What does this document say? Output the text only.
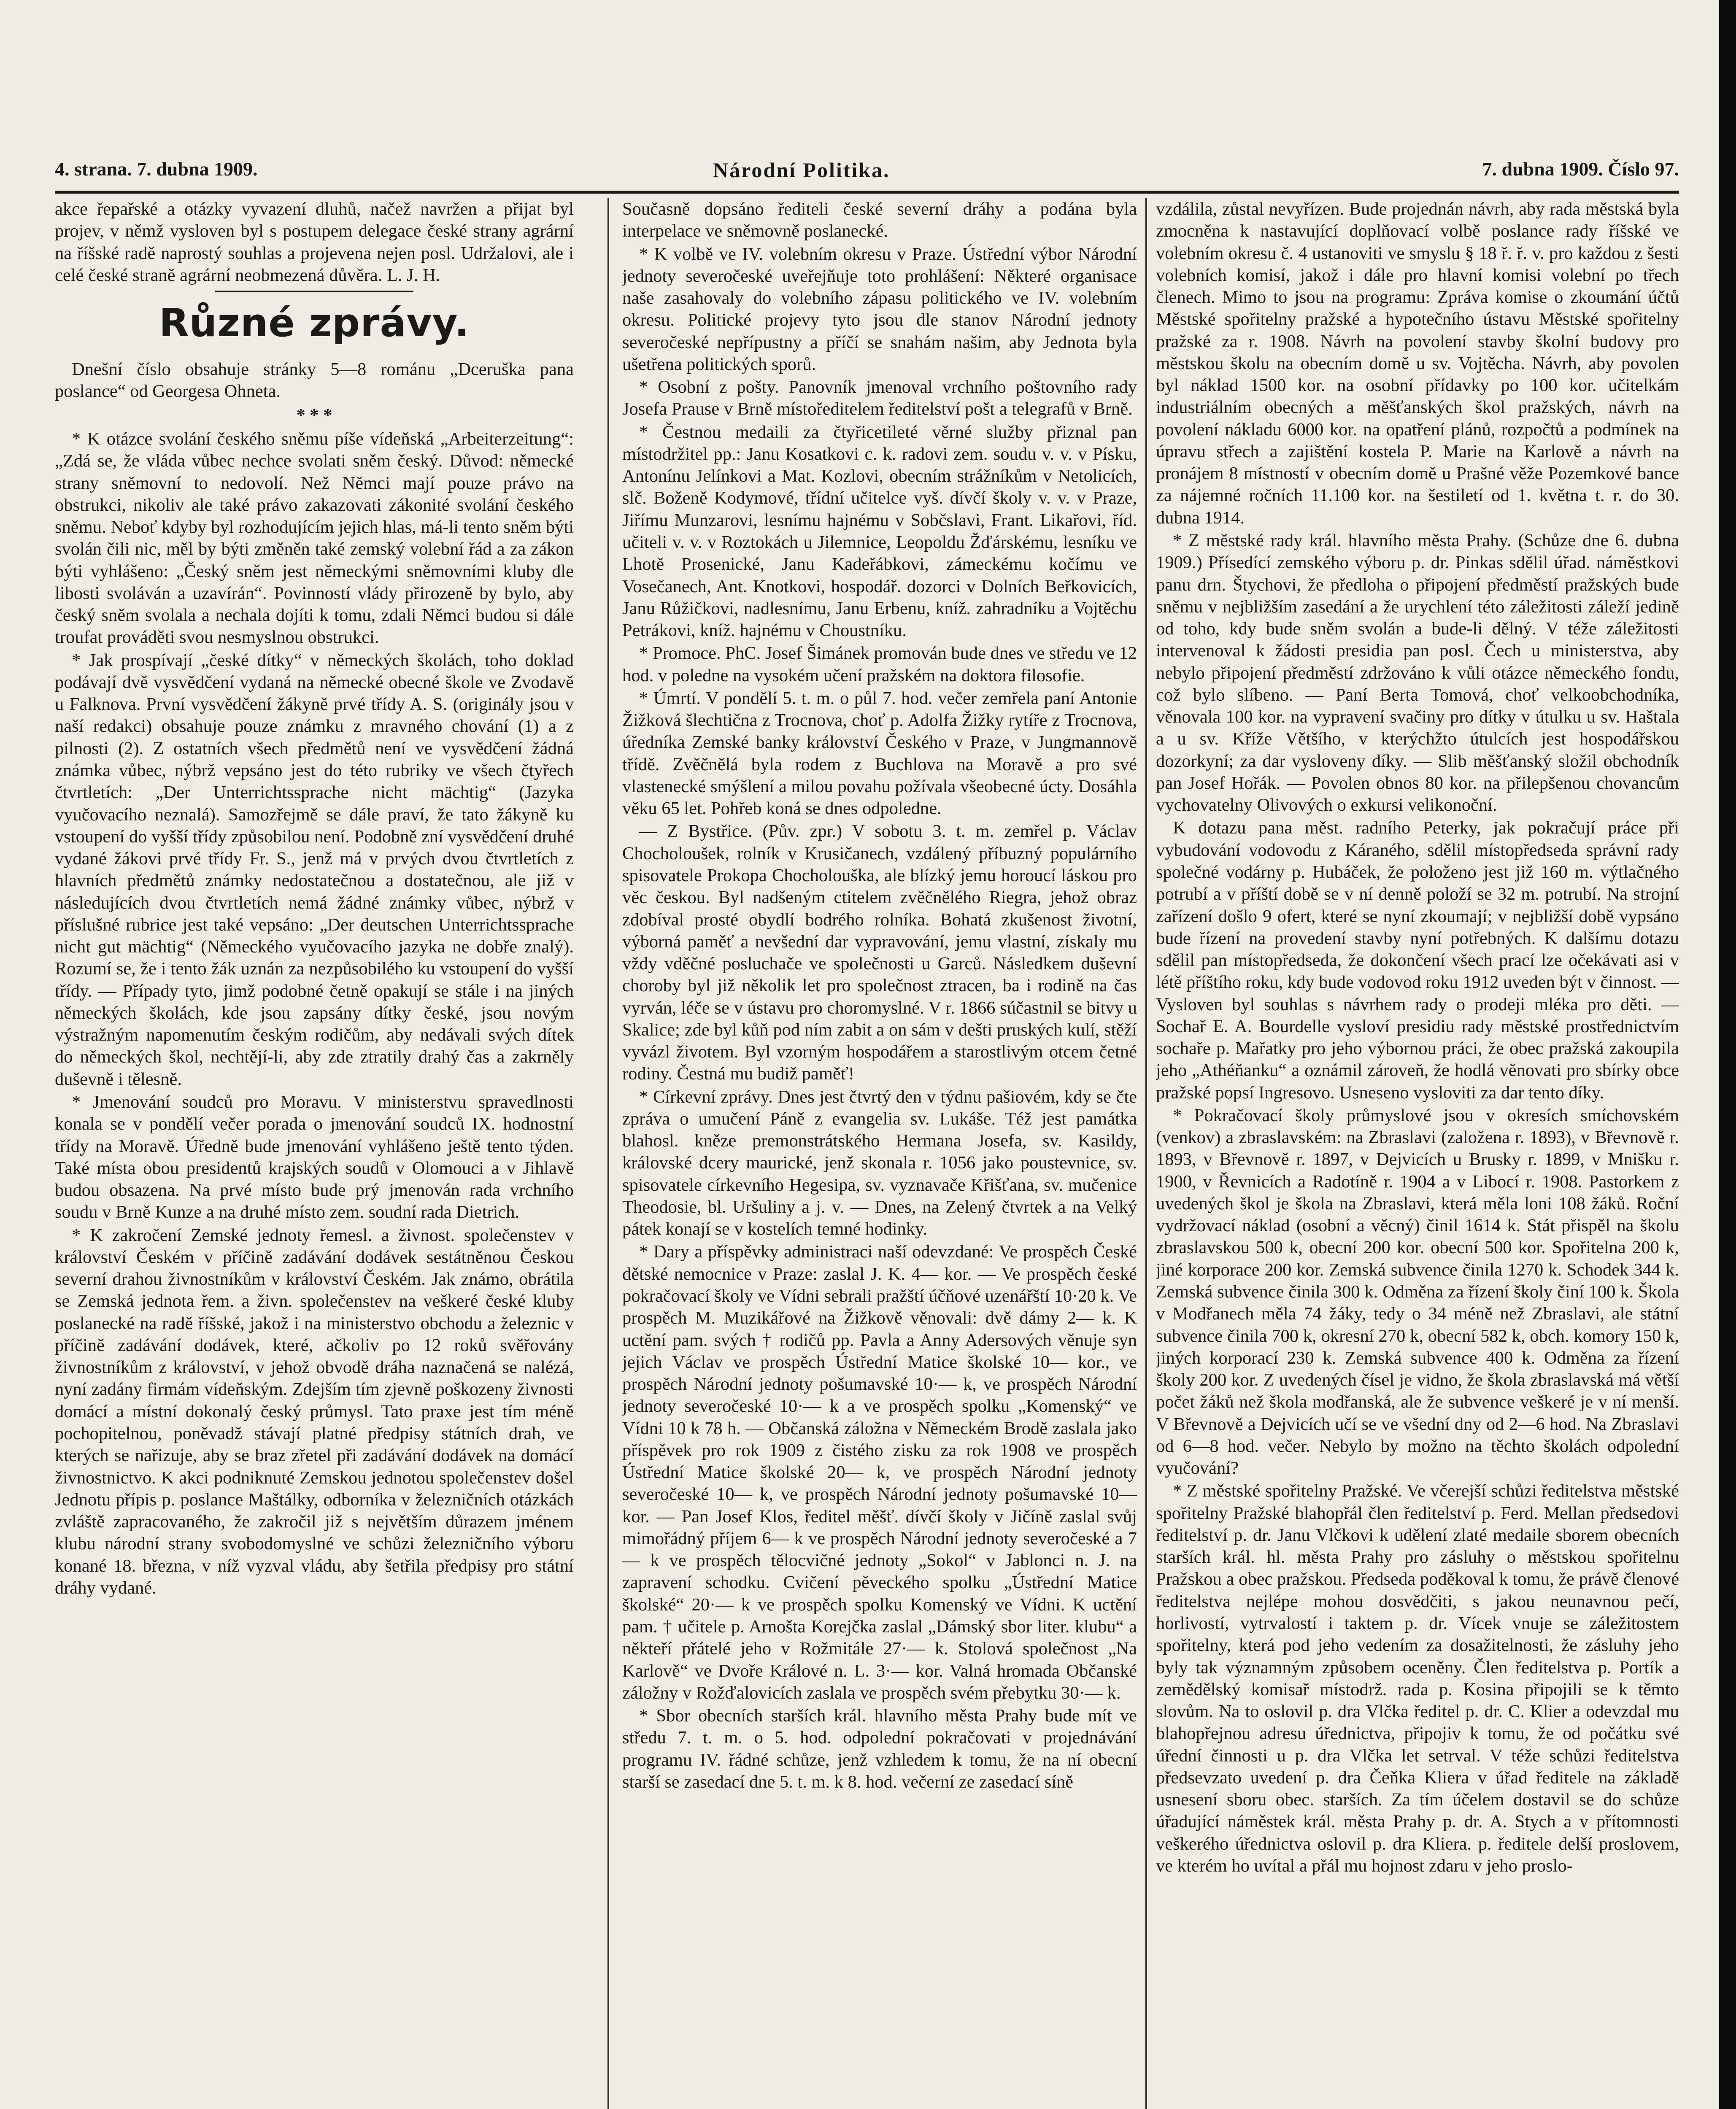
4. strana. 7. dubna 1909.	Národní Politika.	7. dubna 1909. Číslo 97.

akce řepařské a otázky vyvazení dluhů, načež navržen a přijat byl projev, v němž vysloven byl s postupem delegace české strany agrární na říšské radě naprostý souhlas a projevena nejen posl. Udržalovi, ale i celé české straně agrární neobmezená důvěra. L. J. H.

Různé zprávy.

Dnešní číslo obsahuje stránky 5—8 románu „Dceruška pana poslance“ od Georgesa Ohneta.

* * *

* K otázce svolání českého sněmu píše vídeňská „Arbeiterzeitung“: „Zdá se, že vláda vůbec nechce svolati sněm český. Důvod: německé strany sněmovní to nedovolí. Než Němci mají pouze právo na obstrukci, nikoliv ale také právo zakazovati zákonité svolání českého sněmu. Neboť kdyby byl rozhodujícím jejich hlas, má-li tento sněm býti svolán čili nic, měl by býti změněn také zemský volební řád a za zákon býti vyhlášeno: „Český sněm jest německými sněmovními kluby dle libosti svoláván a uzavírán“. Povinností vlády přirozeně by bylo, aby český sněm svolala a nechala dojíti k tomu, zdali Němci budou si dále troufat prováděti svou nesmyslnou obstrukci.

* Jak prospívají „české dítky“ v německých školách, toho doklad podávají dvě vysvědčení vydaná na německé obecné škole ve Zvodavě u Falknova. První vysvědčení žákyně prvé třídy A. S. (originály jsou v naší redakci) obsahuje pouze známku z mravného chování (1) a z pilnosti (2). Z ostatních všech předmětů není ve vysvědčení žádná známka vůbec, nýbrž vepsáno jest do této rubriky ve všech čtyřech čtvrtletích: „Der Unterrichtssprache nicht mächtig“ (Jazyka vyučovacího neznalá). Samozřejmě se dále praví, že tato žákyně ku vstoupení do vyšší třídy způsobilou není. Podobně zní vysvědčení druhé vydané žákovi prvé třídy Fr. S., jenž má v prvých dvou čtvrtletích z hlavních předmětů známky nedostatečnou a dostatečnou, ale již v následujících dvou čtvrtletích nemá žádné známky vůbec, nýbrž v příslušné rubrice jest také vepsáno: „Der deutschen Unterrichtssprache nicht gut mächtig“ (Německého vyučovacího jazyka ne dobře znalý). Rozumí se, že i tento žák uznán za nezpůsobilého ku vstoupení do vyšší třídy. — Případy tyto, jimž podobné četně opakují se stále i na jiných německých školách, kde jsou zapsány dítky české, jsou novým výstražným napomenutím českým rodičům, aby nedávali svých dítek do německých škol, nechtějí-li, aby zde ztratily drahý čas a zakrněly duševně i tělesně.

* Jmenování soudců pro Moravu. V ministerstvu spravedlnosti konala se v pondělí večer porada o jmenování soudců IX. hodnostní třídy na Moravě. Úředně bude jmenování vyhlášeno ještě tento týden. Také místa obou presidentů krajských soudů v Olomouci a v Jihlavě budou obsazena. Na prvé místo bude prý jmenován rada vrchního soudu v Brně Kunze a na druhé místo zem. soudní rada Dietrich.

* K zakročení Zemské jednoty řemesl. a živnost. společenstev v království Českém v příčině zadávání dodávek sestátněnou Českou severní drahou živnostníkům v království Českém. Jak známo, obrátila se Zemská jednota řem. a živn. společenstev na veškeré české kluby poslanecké na radě říšské, jakož i na ministerstvo obchodu a železnic v příčině zadávání dodávek, které, ačkoliv po 12 roků svěřovány živnostníkům z království, v jehož obvodě dráha naznačená se nalézá, nyní zadány firmám vídeňským. Zdejším tím zjevně poškozeny živnosti domácí a místní dokonalý český průmysl. Tato praxe jest tím méně pochopitelnou, poněvadž stávají platné předpisy státních drah, ve kterých se nařizuje, aby se braz zřetel při zadávání dodávek na domácí živnostnictvo. K akci podniknuté Zemskou jednotou společenstev došel Jednotu přípis p. poslance Maštálky, odborníka v železničních otázkách zvláště zapracovaného, že zakročil již s největším důrazem jménem klubu národní strany svobodomyslné ve schůzi železničního výboru konané 18. března, v níž vyzval vládu, aby šetřila předpisy pro státní dráhy vydané.

Současně dopsáno řediteli české severní dráhy a podána byla interpelace ve sněmovně poslanecké.

* K volbě ve IV. volebním okresu v Praze. Ústřední výbor Národní jednoty severočeské uveřejňuje toto prohlášení: Některé organisace naše zasahovaly do volebního zápasu politického ve IV. volebním okresu. Politické projevy tyto jsou dle stanov Národní jednoty severočeské nepřípustny a příčí se snahám našim, aby Jednota byla ušetřena politických sporů.

* Osobní z pošty. Panovník jmenoval vrchního poštovního rady Josefa Prause v Brně místoředitelem ředitelství pošt a telegrafů v Brně.

* Čestnou medaili za čtyřicetileté věrné služby přiznal pan místodržitel pp.: Janu Kosatkovi c. k. radovi zem. soudu v. v. v Písku, Antonínu Jelínkovi a Mat. Kozlovi, obecním strážníkům v Netolicích, slč. Boženě Kodymové, třídní učitelce vyš. dívčí školy v. v. v Praze, Jiřímu Munzarovi, lesnímu hajnému v Sobčslavi, Frant. Likařovi, říd. učiteli v. v. v Roztokách u Jilemnice, Leopoldu Žďárskému, lesníku ve Lhotě Prosenické, Janu Kadeřábkovi, zámeckému kočímu ve Vosečanech, Ant. Knotkovi, hospodář. dozorci v Dolních Beřkovicích, Janu Růžičkovi, nadlesnímu, Janu Erbenu, kníž. zahradníku a Vojtěchu Petrákovi, kníž. hajnému v Choustníku.

* Promoce. PhC. Josef Šimánek promován bude dnes ve středu ve 12 hod. v poledne na vysokém učení pražském na doktora filosofie.

* Úmrtí. V pondělí 5. t. m. o půl 7. hod. večer zemřela paní Antonie Žižková šlechtična z Trocnova, choť p. Adolfa Žižky rytíře z Trocnova, úředníka Zemské banky království Českého v Praze, v Jungmannově třídě. Zvěčnělá byla rodem z Buchlova na Moravě a pro své vlastenecké smýšlení a milou povahu požívala všeobecné úcty. Dosáhla věku 65 let. Pohřeb koná se dnes odpoledne.

— Z Bystřice. (Pův. zpr.) V sobotu 3. t. m. zemřel p. Václav Chocholoušek, rolník v Krusičanech, vzdálený příbuzný populárního spisovatele Prokopa Chocholouška, ale blízký jemu horoucí láskou pro věc českou. Byl nadšeným ctitelem zvěčnělého Riegra, jehož obraz zdobíval prosté obydlí bodrého rolníka. Bohatá zkušenost životní, výborná paměť a nevšední dar vypravování, jemu vlastní, získaly mu vždy vděčné posluchače ve společnosti u Garců. Následkem duševní choroby byl již několik let pro společnost ztracen, ba i rodině na čas vyrván, léče se v ústavu pro choromyslné. V r. 1866 súčastnil se bitvy u Skalice; zde byl kůň pod ním zabit a on sám v dešti pruských kulí, stěží vyvázl životem. Byl vzorným hospodářem a starostlivým otcem četné rodiny. Čestná mu budiž paměť!

* Církevní zprávy. Dnes jest čtvrtý den v týdnu pašiovém, kdy se čte zpráva o umučení Páně z evangelia sv. Lukáše. Též jest památka blahosl. kněze premonstrátského Hermana Josefa, sv. Kasildy, královské dcery maurické, jenž skonala r. 1056 jako poustevnice, sv. spisovatele církevního Hegesipa, sv. vyznavače Křišťana, sv. mučenice Theodosie, bl. Uršuliny a j. v. — Dnes, na Zelený čtvrtek a na Velký pátek konají se v kostelích temné hodinky.

* Dary a příspěvky administraci naší odevzdané: Ve prospěch České dětské nemocnice v Praze: zaslal J. K. 4— kor. — Ve prospěch české pokračovací školy ve Vídni sebrali pražští účňové uzenářští 10·20 k. Ve prospěch M. Muzikářové na Žižkově věnovali: dvě dámy 2— k. K uctění pam. svých † rodičů pp. Pavla a Anny Adersových věnuje syn jejich Václav ve prospěch Ústřední Matice školské 10— kor., ve prospěch Národní jednoty pošumavské 10·— k, ve prospěch Národní jednoty severočeské 10·— k a ve prospěch spolku „Komenský“ ve Vídni 10 k 78 h. — Občanská záložna v Německém Brodě zaslala jako příspěvek pro rok 1909 z čistého zisku za rok 1908 ve prospěch Ústřední Matice školské 20— k, ve prospěch Národní jednoty severočeské 10— k, ve prospěch Národní jednoty pošumavské 10— kor. — Pan Josef Klos, ředitel měšť. dívčí školy v Jičíně zaslal svůj mimořádný příjem 6— k ve prospěch Národní jednoty severočeské a 7— k ve prospěch tělocvičné jednoty „Sokol“ v Jablonci n. J. na zapravení schodku. Cvičení pěveckého spolku „Ústřední Matice školské“ 20·— k ve prospěch spolku Komenský ve Vídni. K uctění pam. † učitele p. Arnošta Korejčka zaslal „Dámský sbor liter. klubu“ a někteří přátelé jeho v Rožmitále 27·— k. Stolová společnost „Na Karlově“ ve Dvoře Králové n. L. 3·— kor. Valná hromada Občanské záložny v Rožďalovicích zaslala ve prospěch svém přebytku 30·— k.

* Sbor obecních starších král. hlavního města Prahy bude mít ve středu 7. t. m. o 5. hod. odpolední pokračovati v projednávání programu IV. řádné schůze, jenž vzhledem k tomu, že na ní obecní starší se zasedací dne 5. t. m. k 8. hod. večerní ze zasedací síně

vzdálila, zůstal nevyřízen. Bude projednán návrh, aby rada městská byla zmocněna k nastavující doplňovací volbě poslance rady říšské ve volebním okresu č. 4 ustanoviti ve smyslu § 18 ř. ř. v. pro každou z šesti volebních komisí, jakož i dále pro hlavní komisi volební po třech členech. Mimo to jsou na programu: Zpráva komise o zkoumání účtů Městské spořitelny pražské a hypotečního ústavu Městské spořitelny pražské za r. 1908. Návrh na povolení stavby školní budovy pro městskou školu na obecním domě u sv. Vojtěcha. Návrh, aby povolen byl náklad 1500 kor. na osobní přídavky po 100 kor. učitelkám industriálním obecných a měšťanských škol pražských, návrh na povolení nákladu 6000 kor. na opatření plánů, rozpočtů a podmínek na úpravu střech a zajištění kostela P. Marie na Karlově a návrh na pronájem 8 místností v obecním domě u Prašné věže Pozemkové bance za nájemné ročních 11.100 kor. na šestiletí od 1. května t. r. do 30. dubna 1914.

* Z městské rady král. hlavního města Prahy. (Schůze dne 6. dubna 1909.) Přísedící zemského výboru p. dr. Pinkas sdělil úřad. náměstkovi panu drn. Štychovi, že předloha o připojení předměstí pražských bude sněmu v nejbližším zasedání a že urychlení této záležitosti záleží jedině od toho, kdy bude sněm svolán a bude-li dělný. V téže záležitosti intervenoval k žádosti presidia pan posl. Čech u ministerstva, aby nebylo připojení předměstí zdržováno k vůli otázce německého fondu, což bylo slíbeno. — Paní Berta Tomová, choť velkoobchodníka, věnovala 100 kor. na vypravení svačiny pro dítky v útulku u sv. Haštala a u sv. Kříže Většího, v kterýchžto útulcích jest hospodářskou dozorkyní; za dar vysloveny díky. — Slib měšťanský složil obchodník pan Josef Hořák. — Povolen obnos 80 kor. na přilepšenou chovancům vychovatelny Olivových o exkursi velikonoční.

K dotazu pana měst. radního Peterky, jak pokračují práce při vybudování vodovodu z Káraného, sdělil místopředseda správní rady společné vodárny p. Hubáček, že položeno jest již 160 m. výtlačného potrubí a v příští době se v ní denně položí se 32 m. potrubí. Na strojní zařízení došlo 9 ofert, které se nyní zkoumají; v nejbližší době vypsáno bude řízení na provedení stavby nyní potřebných. K dalšímu dotazu sdělil pan místopředseda, že dokončení všech prací lze očekávati asi v létě příštího roku, kdy bude vodovod roku 1912 uveden být v činnost. — Vysloven byl souhlas s návrhem rady o prodeji mléka pro děti. — Sochař E. A. Bourdelle vysloví presidiu rady městské prostřednictvím sochaře p. Mařatky pro jeho výbornou práci, že obec pražská zakoupila jeho „Athéňanku“ a oznámil zároveň, že hodlá věnovati pro sbírky obce pražské popsí Ingresovo. Usneseno vysloviti za dar tento díky.

* Pokračovací školy průmyslové jsou v okresích smíchovském (venkov) a zbraslavském: na Zbraslavi (založena r. 1893), v Břevnově r. 1893, v Břevnově r. 1897, v Dejvicích u Brusky r. 1899, v Mnišku r. 1900, v Řevnicích a Radotíně r. 1904 a v Libocí r. 1908. Pastorkem z uvedených škol je škola na Zbraslavi, která měla loni 108 žáků. Roční vydržovací náklad (osobní a věcný) činil 1614 k. Stát přispěl na školu zbraslavskou 500 k, obecní 200 kor. obecní 500 kor. Spořitelna 200 k, jiné korporace 200 kor. Zemská subvence činila 1270 k. Schodek 344 k. Zemská subvence činila 300 k. Odměna za řízení školy činí 100 k. Škola v Modřanech měla 74 žáky, tedy o 34 méně než Zbraslavi, ale státní subvence činila 700 k, okresní 270 k, obecní 582 k, obch. komory 150 k, jiných korporací 230 k. Zemská subvence 400 k. Odměna za řízení školy 200 kor. Z uvedených čísel je vidno, že škola zbraslavská má větší počet žáků než škola modřanská, ale že subvence veškeré je v ní menší. V Břevnově a Dejvicích učí se ve všední dny od 2—6 hod. Na Zbraslavi od 6—8 hod. večer. Nebylo by možno na těchto školách odpolední vyučování?

* Z městské spořitelny Pražské. Ve včerejší schůzi ředitelstva městské spořitelny Pražské blahopřál člen ředitelství p. Ferd. Mellan předsedovi ředitelství p. dr. Janu Vlčkovi k udělení zlaté medaile sborem obecních starších král. hl. města Prahy pro zásluhy o městskou spořitelnu Pražskou a obec pražskou. Předseda poděkoval k tomu, že právě členové ředitelstva nejlépe mohou dosvědčiti, s jakou neunavnou pečí, horlivostí, vytrvalostí i taktem p. dr. Vícek vnuje se záležitostem spořitelny, která pod jeho vedením za dosažitelnosti, že zásluhy jeho byly tak významným způsobem oceněny. Člen ředitelstva p. Portík a zemědělský komisař místodrž. rada p. Kosina připojili se k těmto slovům. Na to oslovil p. dra Vlčka ředitel p. dr. C. Klier a odevzdal mu blahopřejnou adresu úřednictva, připojiv k tomu, že od počátku své úřední činnosti u p. dra Vlčka let setrval. V téže schůzi ředitelstva předsevzato uvedení p. dra Čeňka Kliera v úřad ředitele na základě usnesení sboru obec. starších. Za tím účelem dostavil se do schůze úřadující náměstek král. města Prahy p. dr. A. Stych a v přítomnosti veškerého úřednictva oslovil p. dra Kliera. p. ředitele delší proslovem, ve kterém ho uvítal a přál mu hojnost zdaru v jeho proslo-
